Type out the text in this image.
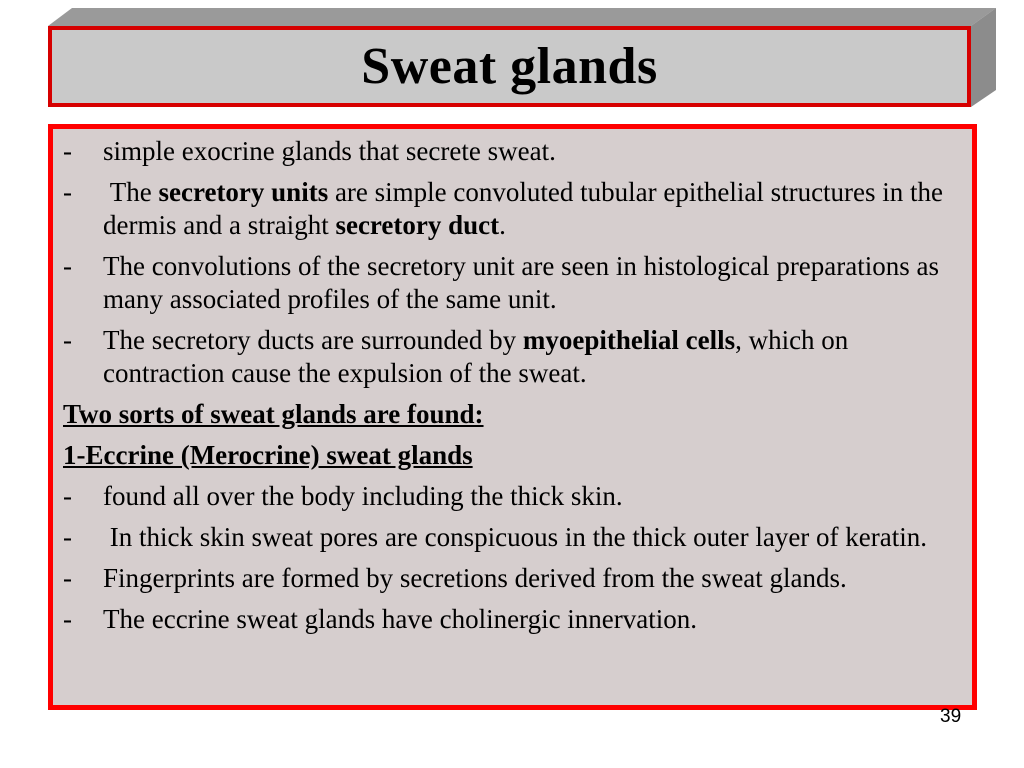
Sweat glands
- simple exocrine glands that secrete sweat.
- The secretory units are simple convoluted tubular epithelial structures in the dermis and a straight secretory duct.
- The convolutions of the secretory unit are seen in histological preparations as many associated profiles of the same unit.
- The secretory ducts are surrounded by myoepithelial cells, which on contraction cause the expulsion of the sweat.
Two sorts of sweat glands are found:
1-Eccrine (Merocrine) sweat glands
- found all over the body including the thick skin.
- In thick skin sweat pores are conspicuous in the thick outer layer of keratin.
- Fingerprints are formed by secretions derived from the sweat glands.
- The eccrine sweat glands have cholinergic innervation.
39
